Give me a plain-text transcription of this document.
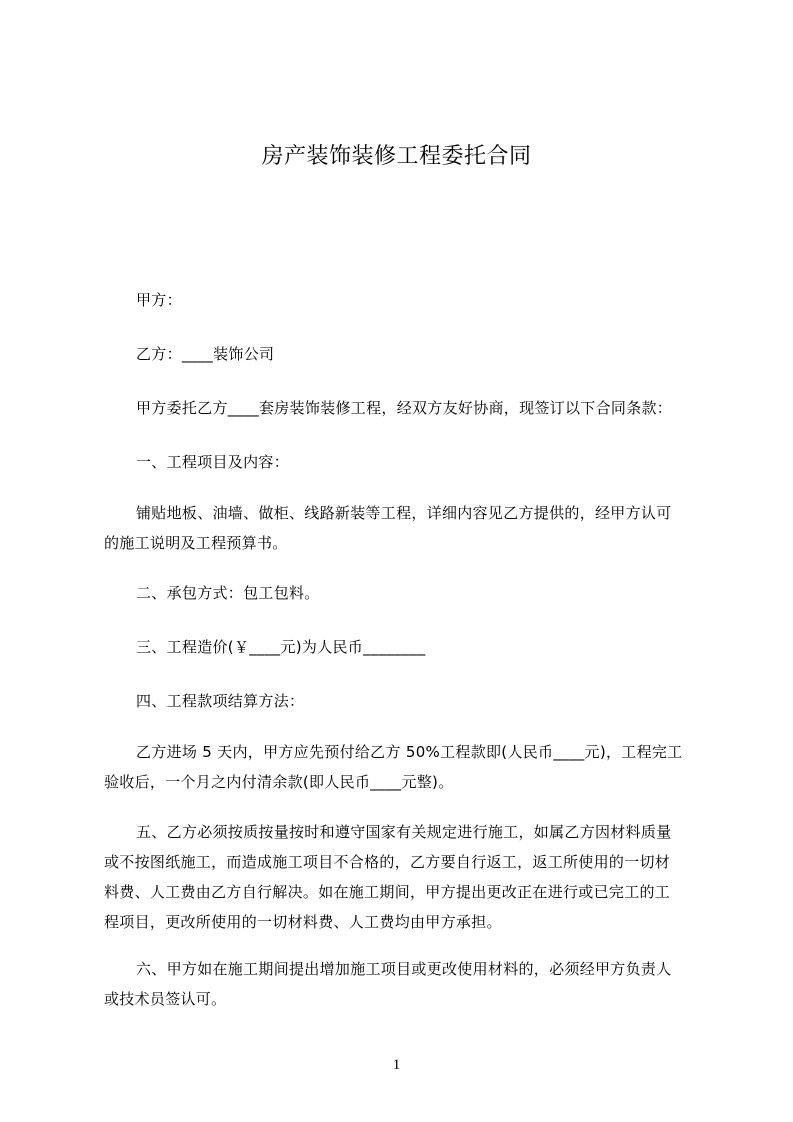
房产装饰装修工程委托合同
甲方：
乙方：____装饰公司
甲方委托乙方____套房装饰装修工程，经双方友好协商，现签订以下合同条款：
一、工程项目及内容：
铺贴地板、油墙、做柜、线路新装等工程，详细内容见乙方提供的，经甲方认可
的施工说明及工程预算书。
二、承包方式：包工包料。
三、工程造价(￥____元)为人民币________
四、工程款项结算方法：
乙方进场 5 天内，甲方应先预付给乙方 50%工程款即(人民币____元)，工程完工
验收后，一个月之内付清余款(即人民币____元整)。
五、乙方必须按质按量按时和遵守国家有关规定进行施工，如属乙方因材料质量
或不按图纸施工，而造成施工项目不合格的，乙方要自行返工，返工所使用的一切材
料费、人工费由乙方自行解决。如在施工期间，甲方提出更改正在进行或已完工的工
程项目，更改所使用的一切材料费、人工费均由甲方承担。
六、甲方如在施工期间提出增加施工项目或更改使用材料的，必须经甲方负责人
或技术员签认可。
1
